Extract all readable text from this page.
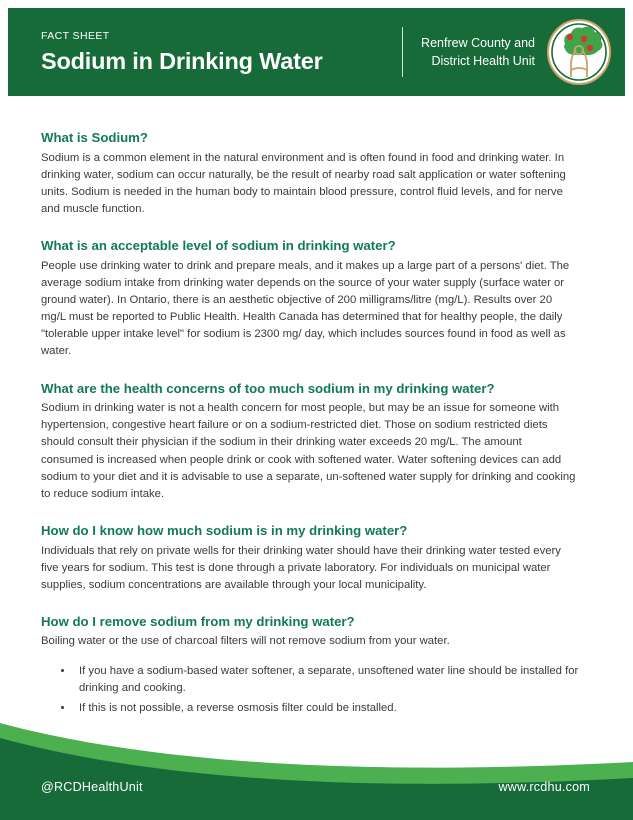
FACT SHEET
Sodium in Drinking Water
Renfrew County and
District Health Unit
What is Sodium?

Sodium is a common element in the natural environment and is often found in food and drinking water. In drinking water, sodium can occur naturally, be the result of nearby road salt application or water softening units. Sodium is needed in the human body to maintain blood pressure, control fluid levels, and for nerve and muscle function.

What is an acceptable level of sodium in drinking water?

People use drinking water to drink and prepare meals, and it makes up a large part of a persons' diet. The average sodium intake from drinking water depends on the source of your water supply (surface water or ground water). In Ontario, there is an aesthetic objective of 200 milligrams/litre (mg/L). Results over 20 mg/L must be reported to Public Health. Health Canada has determined that for healthy people, the daily "tolerable upper intake level" for sodium is 2300 mg/ day, which includes sources found in food as well as water.

What are the health concerns of too much sodium in my drinking water?

Sodium in drinking water is not a health concern for most people, but may be an issue for someone with hypertension, congestive heart failure or on a sodium-restricted diet. Those on sodium restricted diets should consult their physician if the sodium in their drinking water exceeds 20 mg/L. The amount consumed is increased when people drink or cook with softened water. Water softening devices can add sodium to your diet and it is advisable to use a separate, un-softened water supply for drinking and cooking to reduce sodium intake.

How do I know how much sodium is in my drinking water?

Individuals that rely on private wells for their drinking water should have their drinking water tested every five years for sodium. This test is done through a private laboratory. For individuals on municipal water supplies, sodium concentrations are available through your local municipality.

How do I remove sodium from my drinking water?

Boiling water or the use of charcoal filters will not remove sodium from your water.

• If you have a sodium-based water softener, a separate, unsoftened water line should be installed for drinking and cooking.
• If this is not possible, a reverse osmosis filter could be installed.
@RCDHealthUnit	www.rcdhu.com
